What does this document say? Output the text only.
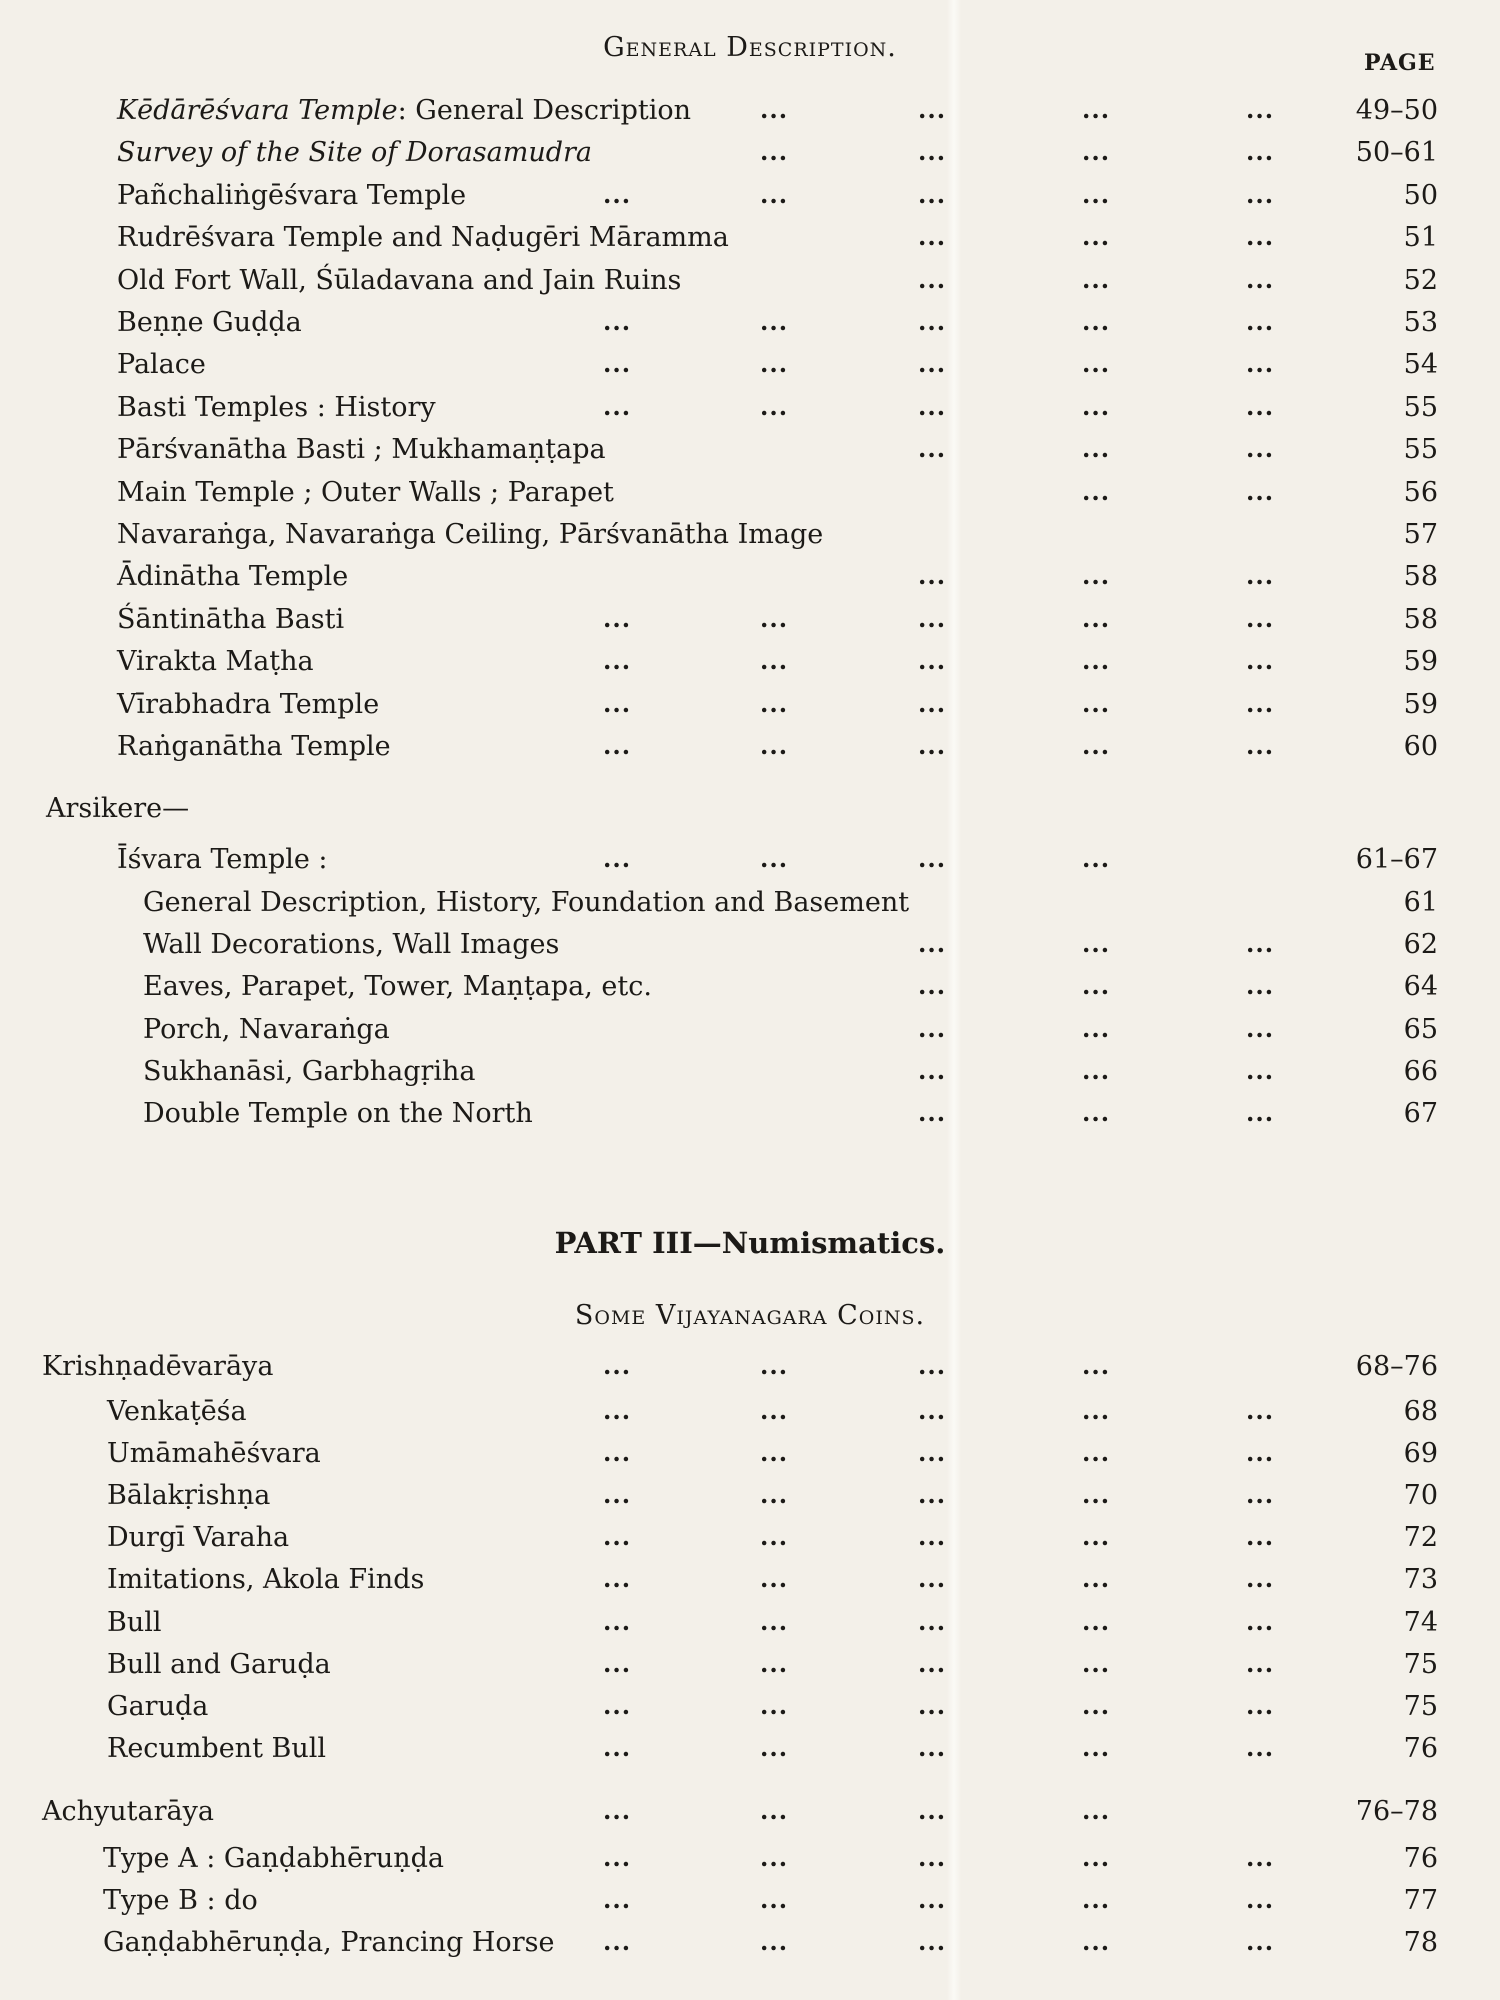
General Description.	PAGE
Kēdārēśvara Temple: General Description	...	...	...	...	49–50
Survey of the Site of Dorasamudra	...	...	...	...	50–61
Pañchaliṅgēśvara Temple	...	...	...	...	...	50
Rudrēśvara Temple and Naḍugēri Māramma	...	...	...	51
Old Fort Wall, Śūladavana and Jain Ruins	...	...	...	52
Beṇṇe Guḍḍa	...	...	...	...	...	53
Palace	...	...	...	...	...	54
Basti Temples : History	...	...	...	...	...	55
Pārśvanātha Basti ; Mukhamaṇṭapa	...	...	...	55
Main Temple ; Outer Walls ; Parapet	...	...	56
Navaraṅga, Navaraṅga Ceiling, Pārśvanātha Image	57
Ādinātha Temple	...	...	...	58
Śāntinātha Basti	...	...	...	...	...	58
Virakta Maṭha	...	...	...	...	...	59
Vīrabhadra Temple	...	...	...	...	...	59
Raṅganātha Temple	...	...	...	...	...	60
Arsikere—
Īśvara Temple :	...	...	...	...	61–67
General Description, History, Foundation and Basement	61
Wall Decorations, Wall Images	...	...	...	62
Eaves, Parapet, Tower, Maṇṭapa, etc.	...	...	...	64
Porch, Navaraṅga	...	...	...	65
Sukhanāsi, Garbhagṛiha	...	...	...	66
Double Temple on the North	...	...	...	67
PART III—Numismatics.
Some Vijayanagara Coins.
Krishṇadēvarāya	...	...	...	...	68–76
Venkaṭēśa	...	...	...	...	...	68
Umāmahēśvara	...	...	...	...	...	69
Bālakṛishṇa	...	...	...	...	...	70
Durgī Varaha	...	...	...	...	...	72
Imitations, Akola Finds	...	...	...	...	...	73
Bull	...	...	...	...	...	74
Bull and Garuḍa	...	...	...	...	...	75
Garuḍa	...	...	...	...	...	75
Recumbent Bull	...	...	...	...	...	76
Achyutarāya	...	...	...	...	76–78
Type A : Gaṇḍabhēruṇḍa	...	...	...	...	...	76
Type B : do	...	...	...	...	...	77
Gaṇḍabhēruṇḍa, Prancing Horse ...	...	...	...	...	78
